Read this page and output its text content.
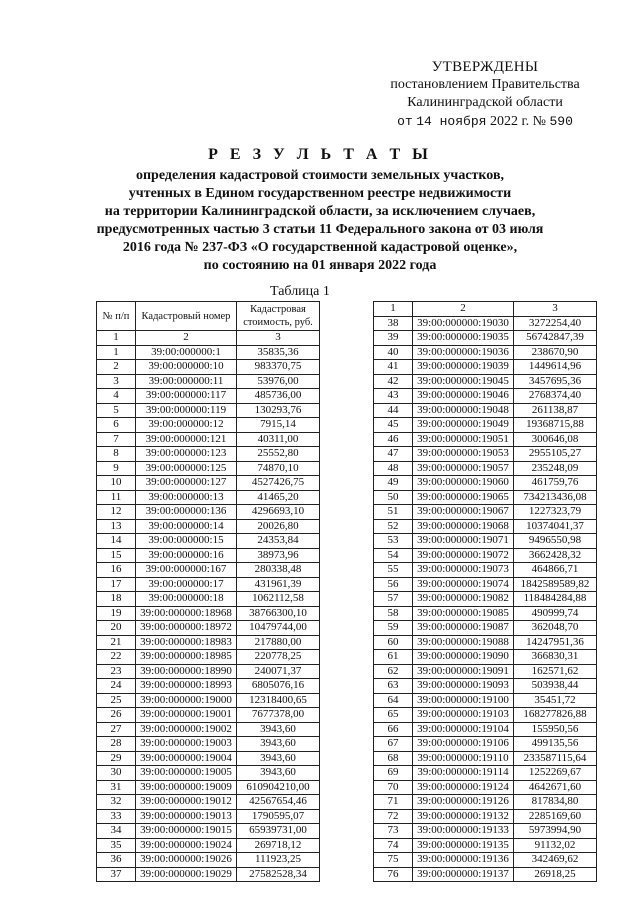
УТВЕРЖДЕНЫ
постановлением Правительства
Калининградской области
от 14 ноября 2022 г. № 590
Р Е З У Л Ь Т А Т Ы
определения кадастровой стоимости земельных участков,
учтенных в Едином государственном реестре недвижимости
на территории Калининградской области, за исключением случаев,
предусмотренных частью 3 статьи 11 Федерального закона от 03 июля
2016 года № 237-ФЗ «О государственной кадастровой оценке»,
по состоянию на 01 января 2022 года
Таблица 1
№ п/п	Кадастровый номер	Кадастровая стоимость, руб.
1	2	3
1	39:00:000000:1	35835,36
2	39:00:000000:10	983370,75
3	39:00:000000:11	53976,00
4	39:00:000000:117	485736,00
5	39:00:000000:119	130293,76
6	39:00:000000:12	7915,14
7	39:00:000000:121	40311,00
8	39:00:000000:123	25552,80
9	39:00:000000:125	74870,10
10	39:00:000000:127	4527426,75
11	39:00:000000:13	41465,20
12	39:00:000000:136	4296693,10
13	39:00:000000:14	20026,80
14	39:00:000000:15	24353,84
15	39:00:000000:16	38973,96
16	39:00:000000:167	280338,48
17	39:00:000000:17	431961,39
18	39:00:000000:18	1062112,58
19	39:00:000000:18968	38766300,10
20	39:00:000000:18972	10479744,00
21	39:00:000000:18983	217880,00
22	39:00:000000:18985	220778,25
23	39:00:000000:18990	240071,37
24	39:00:000000:18993	6805076,16
25	39:00:000000:19000	12318400,65
26	39:00:000000:19001	7677378,00
27	39:00:000000:19002	3943,60
28	39:00:000000:19003	3943,60
29	39:00:000000:19004	3943,60
30	39:00:000000:19005	3943,60
31	39:00:000000:19009	610904210,00
32	39:00:000000:19012	42567654,46
33	39:00:000000:19013	1790595,07
34	39:00:000000:19015	65939731,00
35	39:00:000000:19024	269718,12
36	39:00:000000:19026	111923,25
37	39:00:000000:19029	27582528,34
1	2	3
38	39:00:000000:19030	3272254,40
39	39:00:000000:19035	56742847,39
40	39:00:000000:19036	238670,90
41	39:00:000000:19039	1449614,96
42	39:00:000000:19045	3457695,36
43	39:00:000000:19046	2768374,40
44	39:00:000000:19048	261138,87
45	39:00:000000:19049	19368715,88
46	39:00:000000:19051	300646,08
47	39:00:000000:19053	2955105,27
48	39:00:000000:19057	235248,09
49	39:00:000000:19060	461759,76
50	39:00:000000:19065	734213436,08
51	39:00:000000:19067	1227323,79
52	39:00:000000:19068	10374041,37
53	39:00:000000:19071	9496550,98
54	39:00:000000:19072	3662428,32
55	39:00:000000:19073	464866,71
56	39:00:000000:19074	1842589589,82
57	39:00:000000:19082	118484284,88
58	39:00:000000:19085	490999,74
59	39:00:000000:19087	362048,70
60	39:00:000000:19088	14247951,36
61	39:00:000000:19090	366830,31
62	39:00:000000:19091	162571,62
63	39:00:000000:19093	503938,44
64	39:00:000000:19100	35451,72
65	39:00:000000:19103	168277826,88
66	39:00:000000:19104	155950,56
67	39:00:000000:19106	499135,56
68	39:00:000000:19110	233587115,64
69	39:00:000000:19114	1252269,67
70	39:00:000000:19124	4642671,60
71	39:00:000000:19126	817834,80
72	39:00:000000:19132	2285169,60
73	39:00:000000:19133	5973994,90
74	39:00:000000:19135	91132,02
75	39:00:000000:19136	342469,62
76	39:00:000000:19137	26918,25
